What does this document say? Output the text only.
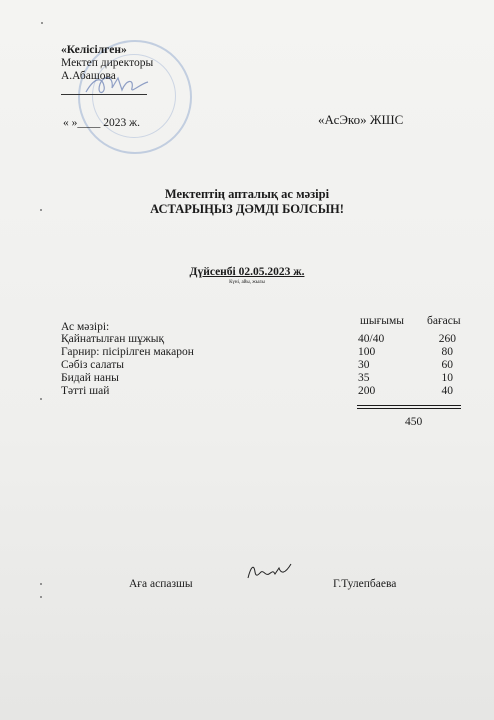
«Келісілген»
Мектеп директоры
А.Абашова
« »____ 2023 ж.	«АсЭко» ЖШС
Мектептің апталық ас мәзірі
АСТАРЫҢЫЗ ДӘМДІ БОЛСЫН!
Дүйсенбі 02.05.2023 ж.
Күні, айы, жылы
Ас мәзірі:	шығымы бағасы
Қайнатылған шұжық	40/40	260
Гарнир: пісірілген макарон	100	80
Сәбіз салаты	30	60
Бидай наны	35	10
Тәтті шай	200	40
450
Аға аспазшы	Г.Тулепбаева
